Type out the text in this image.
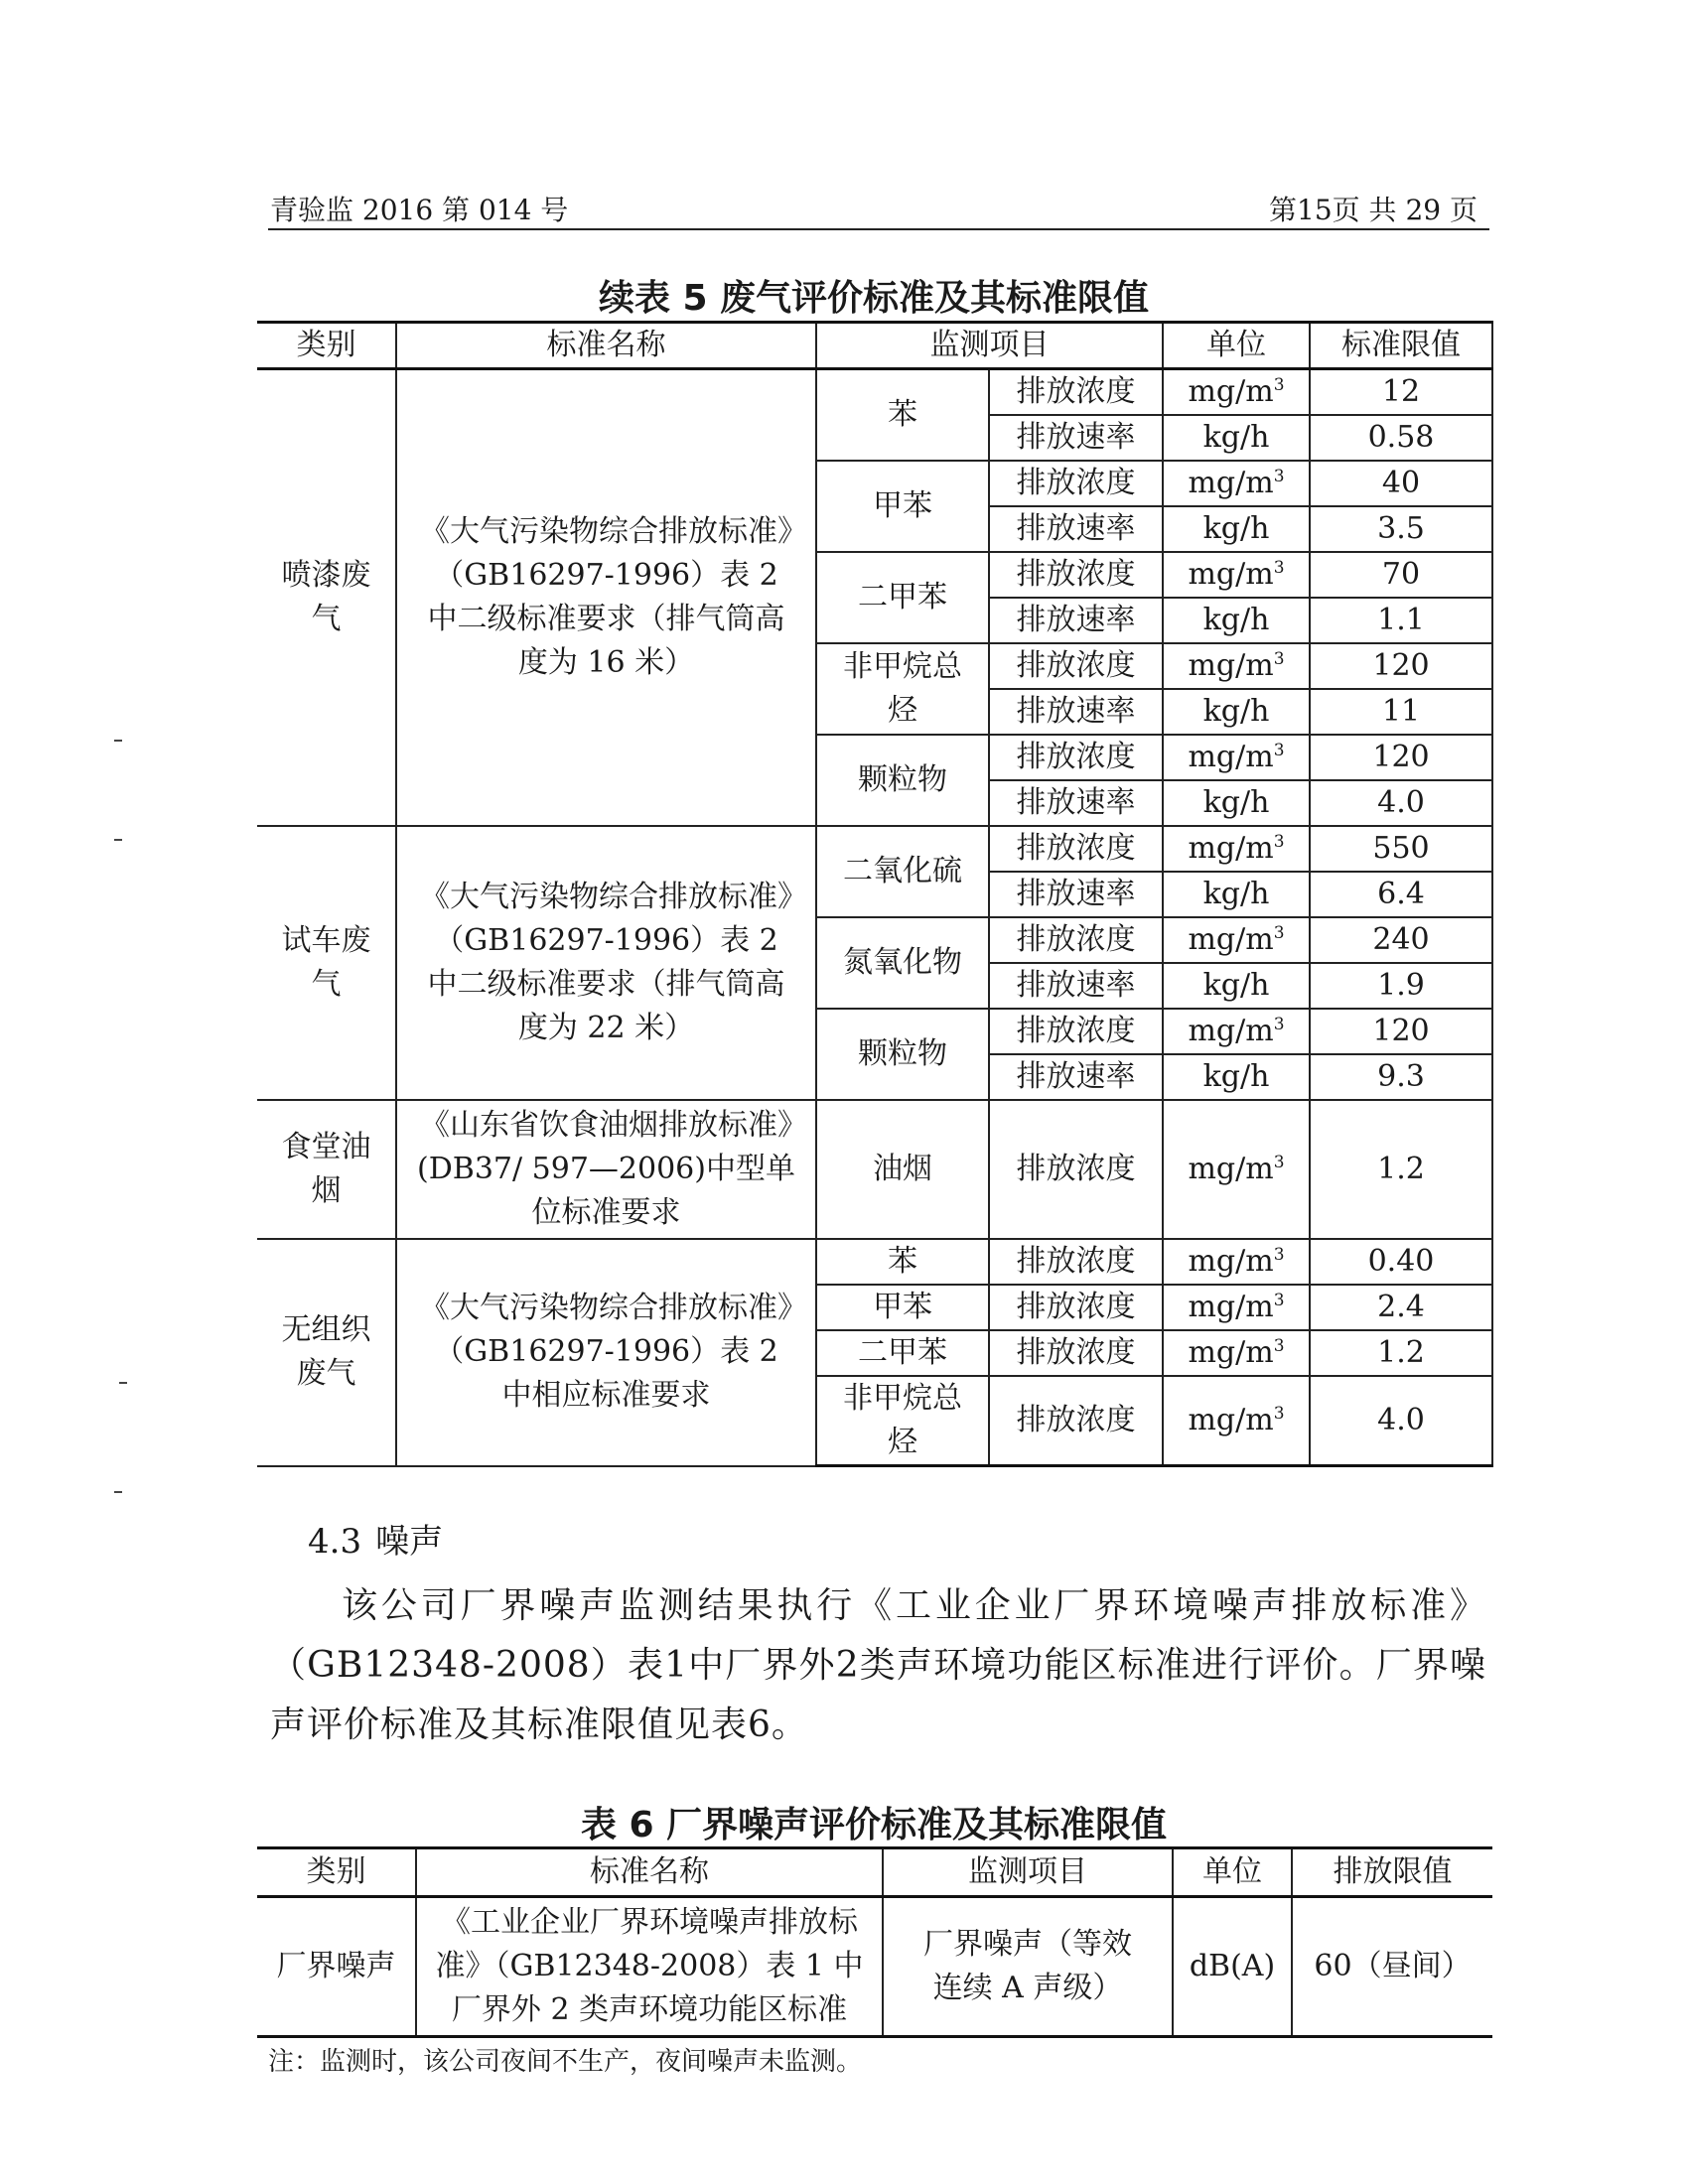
青验监 2016 第 014 号	第15页 共 29 页
续表 5 废气评价标准及其标准限值
类别	标准名称	监测项目		单位	标准限值
喷漆废气	《大气污染物综合排放标准》（GB16297-1996）表 2 中二级标准要求（排气筒高度为 16 米）	苯	排放浓度	$mg/m^3$	12
			排放速率	kg/h	0.58
		甲苯	排放浓度	$mg/m^3$	40
			排放速率	kg/h	3.5
		二甲苯	排放浓度	$mg/m^3$	70
			排放速率	kg/h	1.1
		非甲烷总烃	排放浓度	$mg/m^3$	120
			排放速率	kg/h	11
		颗粒物	排放浓度	$mg/m^3$	120
			排放速率	kg/h	4.0
试车废气	《大气污染物综合排放标准》（GB16297-1996）表 2 中二级标准要求（排气筒高度为 22 米）	二氧化硫	排放浓度	$mg/m^3$	550
			排放速率	kg/h	6.4
		氮氧化物	排放浓度	$mg/m^3$	240
			排放速率	kg/h	1.9
		颗粒物	排放浓度	$mg/m^3$	120
			排放速率	kg/h	9.3
食堂油烟	《山东省饮食油烟排放标准》(DB37/ 597—2006)中型单位标准要求	油烟	排放浓度	$mg/m^3$	1.2
无组织废气	《大气污染物综合排放标准》（GB16297-1996）表 2 中相应标准要求	苯	排放浓度	$mg/m^3$	0.40
		甲苯	排放浓度	$mg/m^3$	2.4
		二甲苯	排放浓度	$mg/m^3$	1.2
		非甲烷总烃	排放浓度	$mg/m^3$	4.0
4.3 噪声
该公司厂界噪声监测结果执行《工业企业厂界环境噪声排放标准》（GB12348-2008）表1中厂界外2类声环境功能区标准进行评价。厂界噪声评价标准及其标准限值见表6。
表 6 厂界噪声评价标准及其标准限值
类别	标准名称	监测项目	单位	排放限值
厂界噪声	《工业企业厂界环境噪声排放标准》（GB12348-2008）表 1 中厂界外 2 类声环境功能区标准	厂界噪声（等效连续 A 声级）	dB(A)	60（昼间）
注：监测时，该公司夜间不生产，夜间噪声未监测。
